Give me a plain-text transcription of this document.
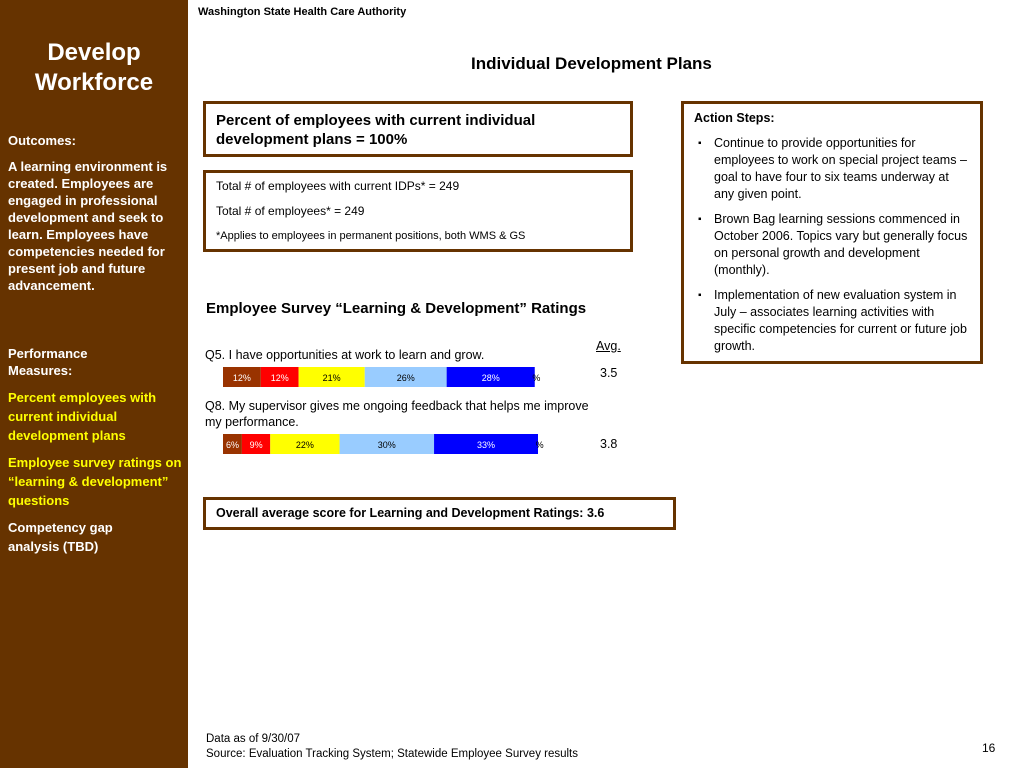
Develop
Workforce
Outcomes:
A learning environment is created. Employees are engaged in professional development and seek to learn. Employees have competencies needed for present job and future advancement.
Performance Measures:
Percent employees with current individual development plans
Employee survey ratings on “learning & development” questions
Competency gap analysis (TBD)
Washington State Health Care Authority
Individual Development Plans
Percent of employees with current individual development plans = 100%
Total # of employees with current IDPs* = 249
Total # of employees* = 249
*Applies to employees in permanent positions, both WMS & GS
Action Steps:
▪ Continue to provide opportunities for employees to work on special project teams – goal to have four to six teams underway at any given point.
▪ Brown Bag learning sessions commenced in October 2006. Topics vary but generally focus on personal growth and development (monthly).
▪ Implementation of new evaluation system in July – associates learning activities with specific competencies for current or future job growth.
Employee Survey “Learning & Development” Ratings
Avg.
Q5. I have opportunities at work to learn and grow.
3.5
12% 12%	21%	26%	28%	%
Q8. My supervisor gives me ongoing feedback that helps me improve my performance.
3.8
6% 9%	22%	30%	33%	%
Overall average score for Learning and Development Ratings: 3.6
Data as of 9/30/07
Source: Evaluation Tracking System; Statewide Employee Survey results	16
